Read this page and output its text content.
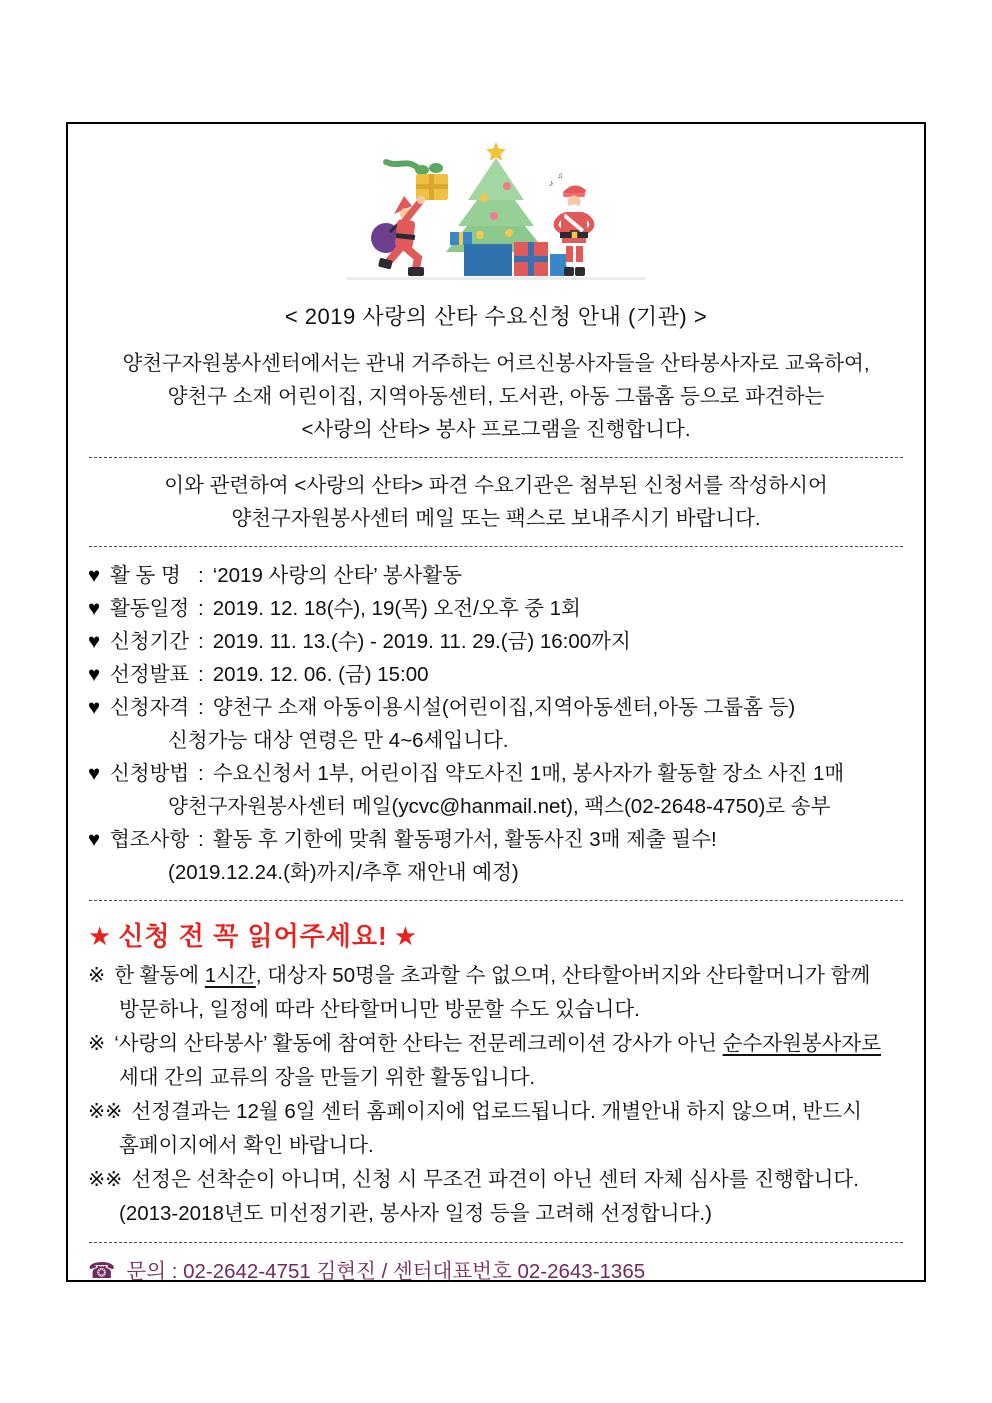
♪
♫
< 2019 사랑의 산타 수요신청 안내 (기관) >
양천구자원봉사센터에서는 관내 거주하는 어르신봉사자들을 산타봉사자로 교육하여,
양천구 소재 어린이집, 지역아동센터, 도서관, 아동 그룹홈 등으로 파견하는
<사랑의 산타> 봉사 프로그램을 진행합니다.
이와 관련하여 <사랑의 산타> 파견 수요기관은 첨부된 신청서를 작성하시어
양천구자원봉사센터 메일 또는 팩스로 보내주시기 바랍니다.
♥ 활 동 명 : ‘2019 사랑의 산타’ 봉사활동
♥ 활동일정 : 2019. 12. 18(수), 19(목) 오전/오후 중 1회
♥ 신청기간 : 2019. 11. 13.(수) - 2019. 11. 29.(금) 16:00까지
♥ 선정발표 : 2019. 12. 06. (금) 15:00
♥ 신청자격 : 양천구 소재 아동이용시설(어린이집,지역아동센터,아동 그룹홈 등)
신청가능 대상 연령은 만 4~6세입니다.
♥ 신청방법 : 수요신청서 1부, 어린이집 약도사진 1매, 봉사자가 활동할 장소 사진 1매
양천구자원봉사센터 메일(ycvc@hanmail.net), 팩스(02-2648-4750)로 송부
♥ 협조사항 : 활동 후 기한에 맞춰 활동평가서, 활동사진 3매 제출 필수!
(2019.12.24.(화)까지/추후 재안내 예정)
★ 신청 전 꼭 읽어주세요! ★
※ 한 활동에 1시간, 대상자 50명을 초과할 수 없으며, 산타할아버지와 산타할머니가 함께
방문하나, 일정에 따라 산타할머니만 방문할 수도 있습니다.
※ ‘사랑의 산타봉사’ 활동에 참여한 산타는 전문레크레이션 강사가 아닌 순수자원봉사자로
세대 간의 교류의 장을 만들기 위한 활동입니다.
※※ 선정결과는 12월 6일 센터 홈페이지에 업로드됩니다. 개별안내 하지 않으며, 반드시
홈페이지에서 확인 바랍니다.
※※ 선정은 선착순이 아니며, 신청 시 무조건 파견이 아닌 센터 자체 심사를 진행합니다.
(2013-2018년도 미선정기관, 봉사자 일정 등을 고려해 선정합니다.)
☎ 문의 : 02-2642-4751 김현진 / 센터대표번호 02-2643-1365
